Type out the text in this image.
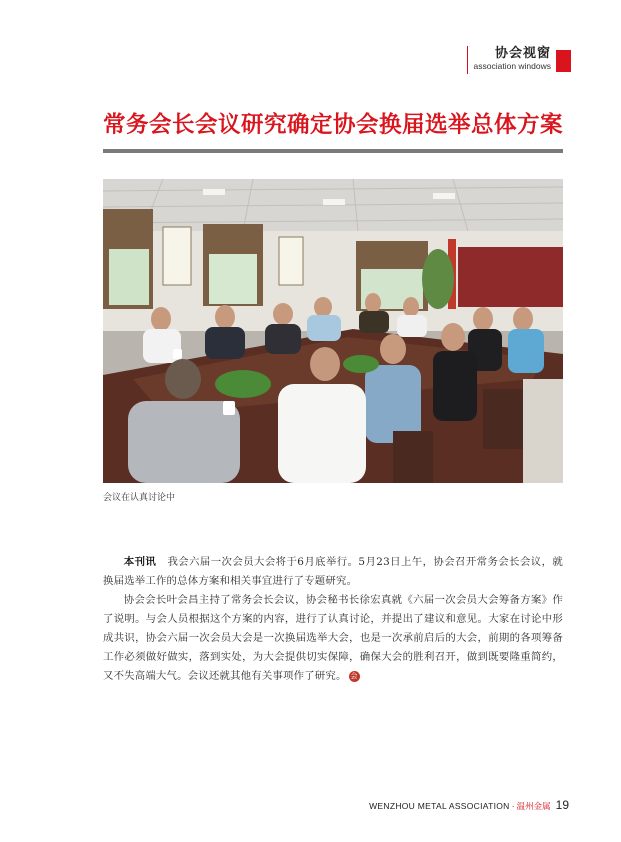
协会视窗
association windows
常务会长会议研究确定协会换届选举总体方案
会议在认真讨论中

本刊讯 我会六届一次会员大会将于6月底举行。5月23日上午，协会召开常务会长会议，就换届选举工作的总体方案和相关事宜进行了专题研究。

协会会长叶会昌主持了常务会长会议，协会秘书长徐宏真就《六届一次会员大会筹备方案》作了说明。与会人员根据这个方案的内容，进行了认真讨论，并提出了建议和意见。大家在讨论中形成共识，协会六届一次会员大会是一次换届选举大会，也是一次承前启后的大会，前期的各项筹备工作必须做好做实，落到实处，为大会提供切实保障，确保大会的胜利召开，做到既要隆重简约，又不失高端大气。会议还就其他有关事项作了研究。 会

WENZHOU METAL ASSOCIATION · 温州金属 19
